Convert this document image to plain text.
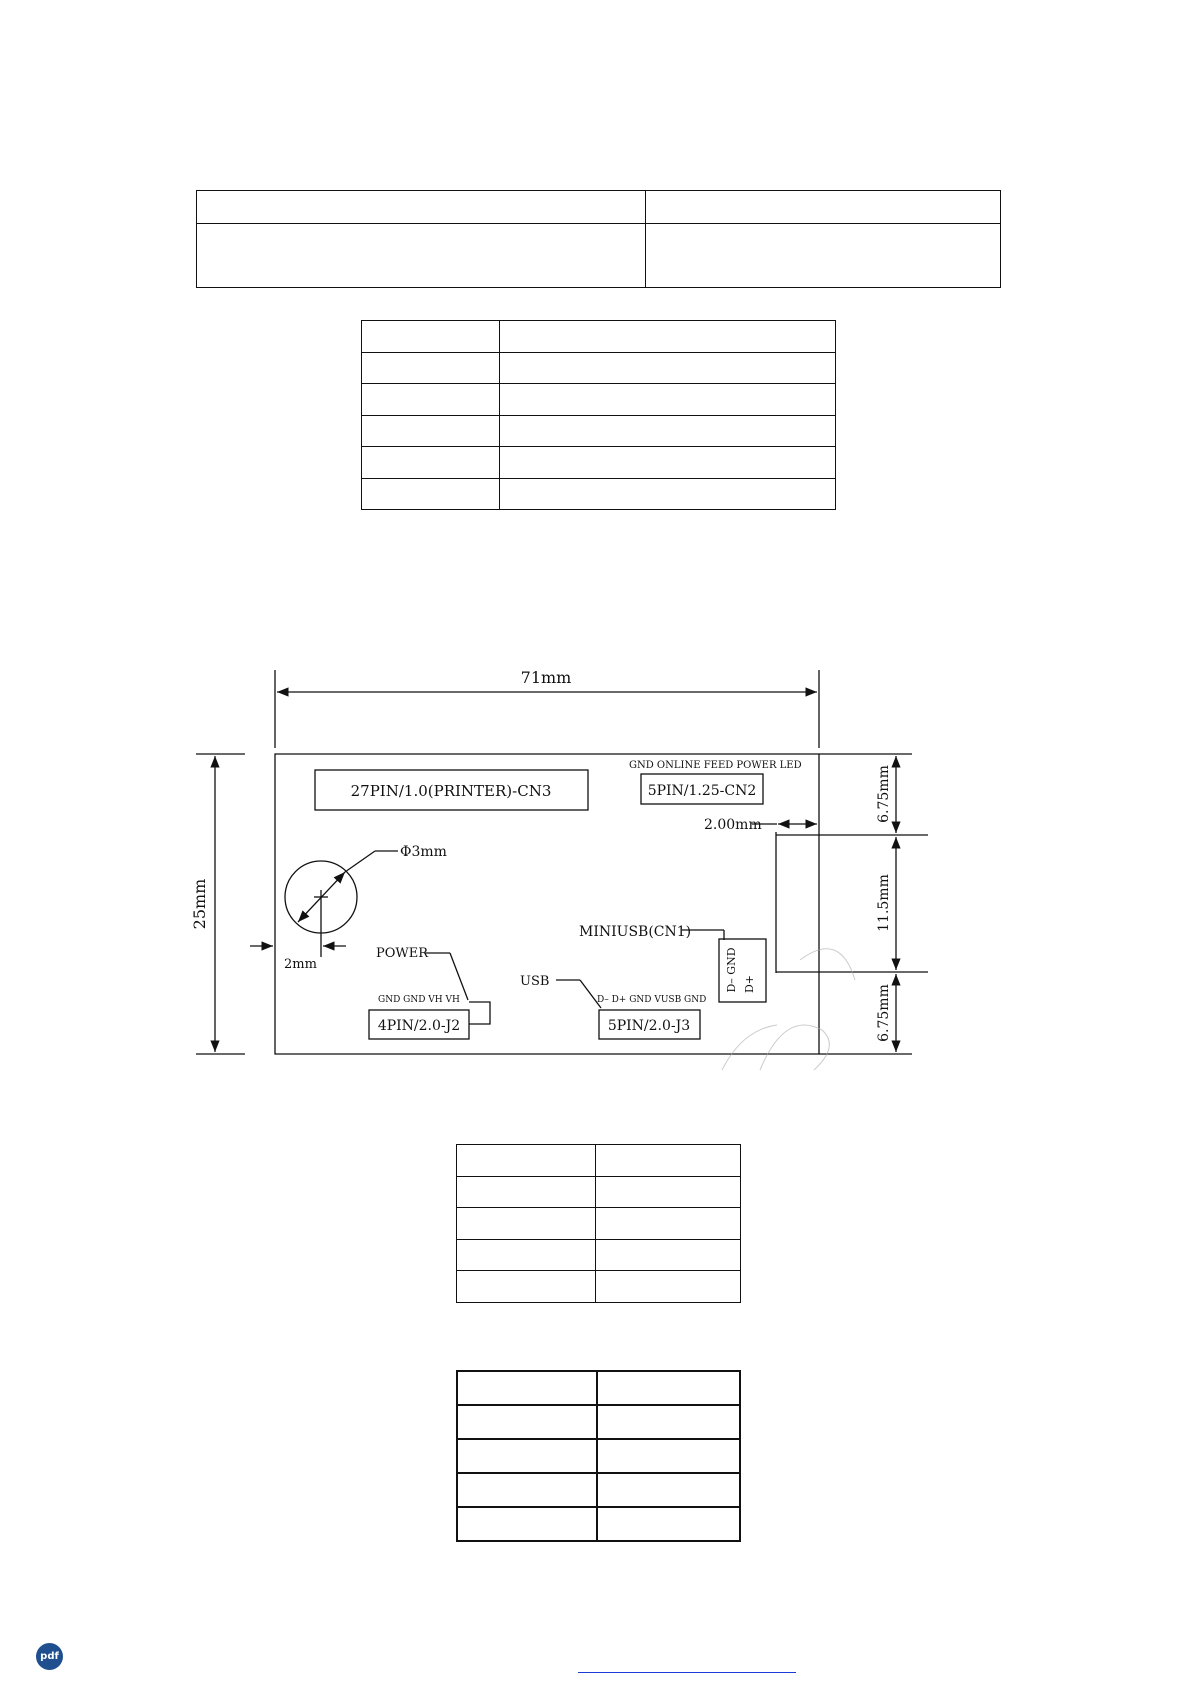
71mm
25mm
6.75mm
11.5mm
6.75mm
2.00mm
27PIN/1.0(PRINTER)-CN3
GND ONLINE FEED POWER LED
5PIN/1.25-CN2
Φ3mm
2mm
MINIUSB(CN1)
D– GND D+
POWER
GND GND VH VH
4PIN/2.0-J2
USB
D– D+ GND VUSB GND
5PIN/2.0-J3

pdf
